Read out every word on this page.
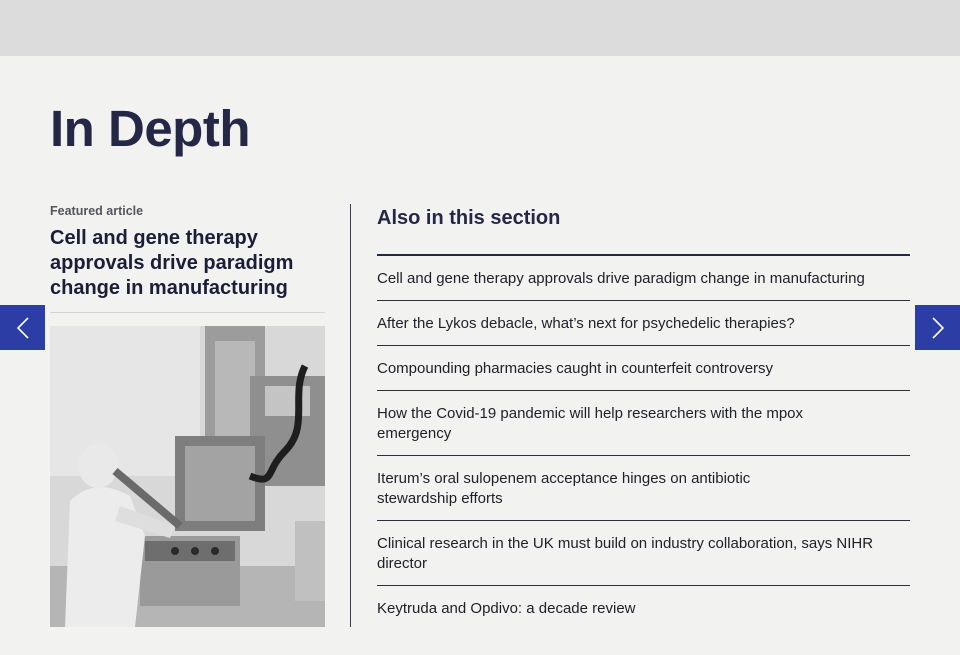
In Depth

Featured article

Cell and gene therapy approvals drive paradigm change in manufacturing
Also in this section
Cell and gene therapy approvals drive paradigm change in manufacturing
After the Lykos debacle, what’s next for psychedelic therapies?
Compounding pharmacies caught in counterfeit controversy
How the Covid-19 pandemic will help researchers with the mpox emergency
Iterum’s oral sulopenem acceptance hinges on antibiotic stewardship efforts
Clinical research in the UK must build on industry collaboration, says NIHR director
Keytruda and Opdivo: a decade review
